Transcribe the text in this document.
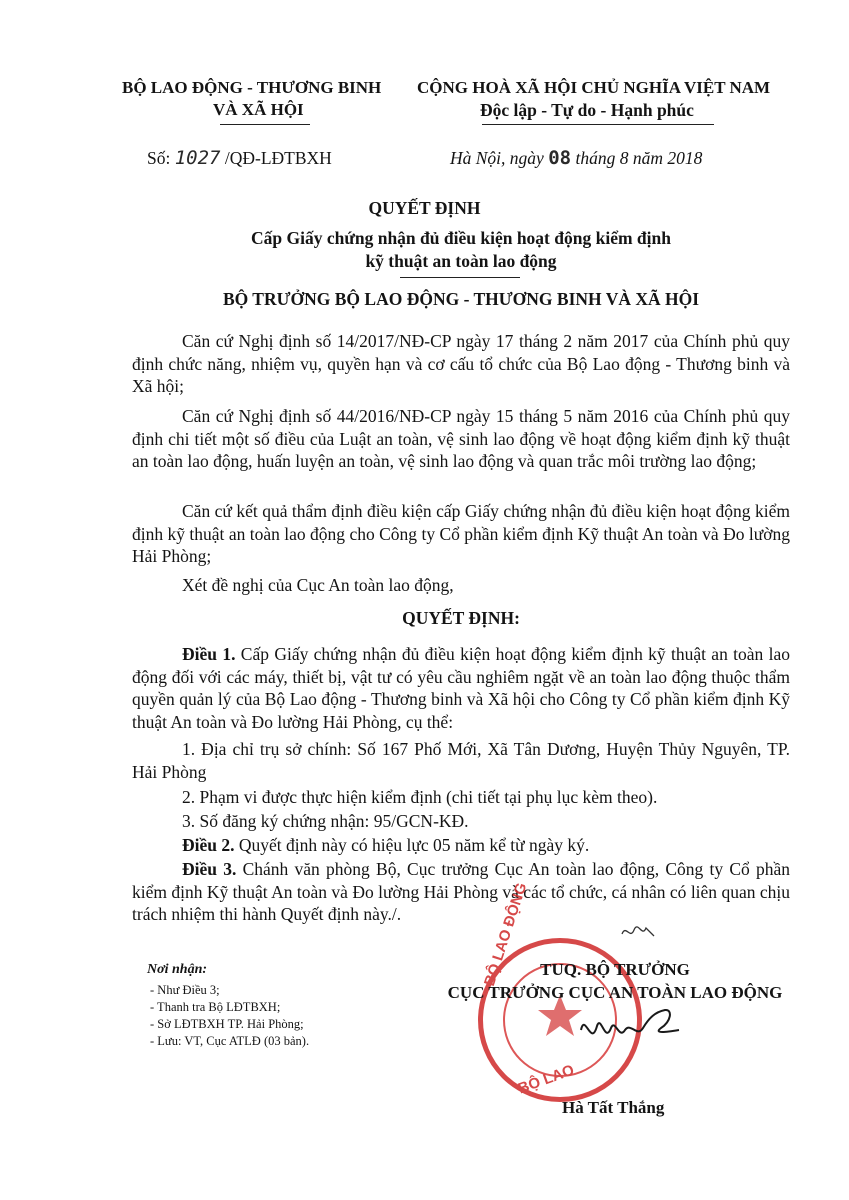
BỘ LAO ĐỘNG - THƯƠNG BINH
VÀ XÃ HỘI
CỘNG HOÀ XÃ HỘI CHỦ NGHĨA VIỆT NAM
Độc lập - Tự do - Hạnh phúc
Số: 1027 /QĐ-LĐTBXH	Hà Nội, ngày 08 tháng 8 năm 2018
QUYẾT ĐỊNH
Cấp Giấy chứng nhận đủ điều kiện hoạt động kiểm định
kỹ thuật an toàn lao động
BỘ TRƯỞNG BỘ LAO ĐỘNG - THƯƠNG BINH VÀ XÃ HỘI
Căn cứ Nghị định số 14/2017/NĐ-CP ngày 17 tháng 2 năm 2017 của Chính phủ quy định chức năng, nhiệm vụ, quyền hạn và cơ cấu tổ chức của Bộ Lao động - Thương binh và Xã hội;
Căn cứ Nghị định số 44/2016/NĐ-CP ngày 15 tháng 5 năm 2016 của Chính phủ quy định chi tiết một số điều của Luật an toàn, vệ sinh lao động về hoạt động kiểm định kỹ thuật an toàn lao động, huấn luyện an toàn, vệ sinh lao động và quan trắc môi trường lao động;
Căn cứ kết quả thẩm định điều kiện cấp Giấy chứng nhận đủ điều kiện hoạt động kiểm định kỹ thuật an toàn lao động cho Công ty Cổ phần kiểm định Kỹ thuật An toàn và Đo lường Hải Phòng;
Xét đề nghị của Cục An toàn lao động,
QUYẾT ĐỊNH:
Điều 1. Cấp Giấy chứng nhận đủ điều kiện hoạt động kiểm định kỹ thuật an toàn lao động đối với các máy, thiết bị, vật tư có yêu cầu nghiêm ngặt về an toàn lao động thuộc thẩm quyền quản lý của Bộ Lao động - Thương binh và Xã hội cho Công ty Cổ phần kiểm định Kỹ thuật An toàn và Đo lường Hải Phòng, cụ thể:
1. Địa chỉ trụ sở chính: Số 167 Phố Mới, Xã Tân Dương, Huyện Thủy Nguyên, TP. Hải Phòng
2. Phạm vi được thực hiện kiểm định (chi tiết tại phụ lục kèm theo).
3. Số đăng ký chứng nhận: 95/GCN-KĐ.
Điều 2. Quyết định này có hiệu lực 05 năm kể từ ngày ký.
Điều 3. Chánh văn phòng Bộ, Cục trưởng Cục An toàn lao động, Công ty Cổ phần kiểm định Kỹ thuật An toàn và Đo lường Hải Phòng và các tổ chức, cá nhân có liên quan chịu trách nhiệm thi hành Quyết định này./.
Nơi nhận:
- Như Điều 3;
- Thanh tra Bộ LĐTBXH;
- Sở LĐTBXH TP. Hải Phòng;
- Lưu: VT, Cục ATLĐ (03 bản).
BỘ LAO ĐỘNG
BỘ LAO
TUQ. BỘ TRƯỞNG
CỤC TRƯỞNG CỤC AN TOÀN LAO ĐỘNG
Hà Tất Thắng
